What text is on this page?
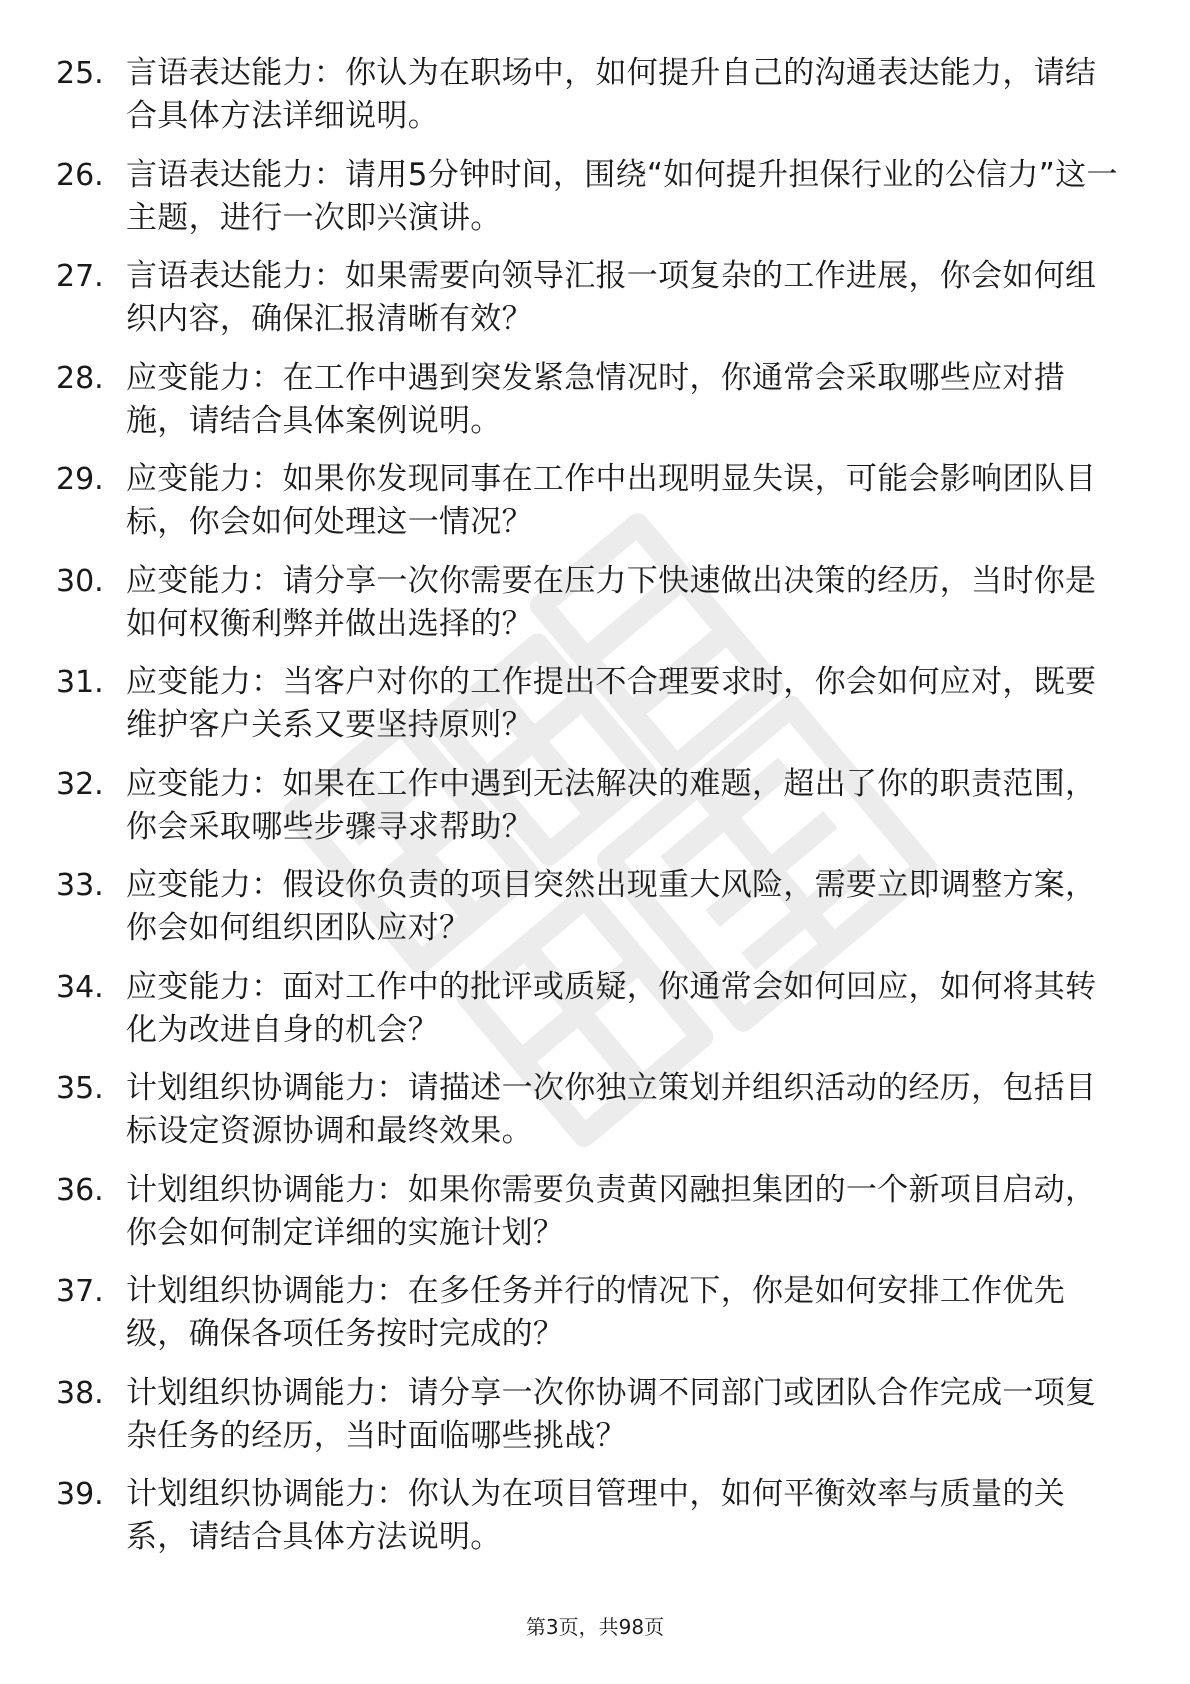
25. 言语表达能力：你认为在职场中，如何提升自己的沟通表达能力，请结合具体方法详细说明。
26. 言语表达能力：请用5分钟时间，围绕“如何提升担保行业的公信力”这一主题，进行一次即兴演讲。
27. 言语表达能力：如果需要向领导汇报一项复杂的工作进展，你会如何组织内容，确保汇报清晰有效？
28. 应变能力：在工作中遇到突发紧急情况时，你通常会采取哪些应对措施，请结合具体案例说明。
29. 应变能力：如果你发现同事在工作中出现明显失误，可能会影响团队目标，你会如何处理这一情况？
30. 应变能力：请分享一次你需要在压力下快速做出决策的经历，当时你是如何权衡利弊并做出选择的？
31. 应变能力：当客户对你的工作提出不合理要求时，你会如何应对，既要维护客户关系又要坚持原则？
32. 应变能力：如果在工作中遇到无法解决的难题，超出了你的职责范围，你会采取哪些步骤寻求帮助？
33. 应变能力：假设你负责的项目突然出现重大风险，需要立即调整方案，你会如何组织团队应对？
34. 应变能力：面对工作中的批评或质疑，你通常会如何回应，如何将其转化为改进自身的机会？
35. 计划组织协调能力：请描述一次你独立策划并组织活动的经历，包括目标设定资源协调和最终效果。
36. 计划组织协调能力：如果你需要负责黄冈融担集团的一个新项目启动，你会如何制定详细的实施计划？
37. 计划组织协调能力：在多任务并行的情况下，你是如何安排工作优先级，确保各项任务按时完成的？
38. 计划组织协调能力：请分享一次你协调不同部门或团队合作完成一项复杂任务的经历，当时面临哪些挑战？
39. 计划组织协调能力：你认为在项目管理中，如何平衡效率与质量的关系，请结合具体方法说明。
第3页，共98页
